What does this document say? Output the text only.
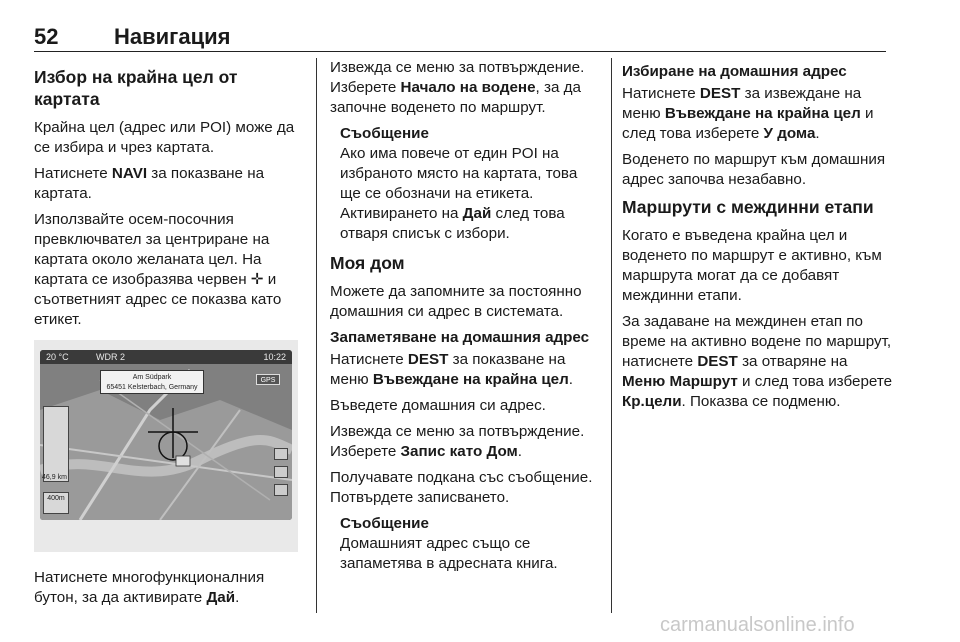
52	Навигация
Избор на крайна цел от картата

Крайна цел (адрес или POI) може да се избира и чрез картата.

Натиснете NAVI за показване на картата.

Използвайте осем-посочния превключвател за центриране на картата около желаната цел. На картата се изобразява червен ✛ и съответният адрес се показва като етикет.

20 °C	WDR 2	10:22
Am Südpark
65451 Kelsterbach, Germany
GPS
46,9 km
400m

Натиснете многофункционалния бутон, за да активирате Дай.

Извежда се меню за потвърждение. Изберете Начало на водене, за да започне воденето по маршрут.

Съобщение

Ако има повече от един POI на избраното място на картата, това ще се обозначи на етикета. Активирането на Дай след това отваря списък с избори.

Моя дом

Можете да запомните за постоянно домашния си адрес в системата.

Запаметяване на домашния адрес

Натиснете DEST за показване на меню Въвеждане на крайна цел.

Въведете домашния си адрес.

Извежда се меню за потвърждение. Изберете Запис като Дом.

Получавате подкана със съобщение. Потвърдете записването.

Съобщение

Домашният адрес също се запаметява в адресната книга.

Избиране на домашния адрес

Натиснете DEST за извеждане на меню Въвеждане на крайна цел и след това изберете У дома.

Воденето по маршрут към домашния адрес започва незабавно.

Маршрути с междинни етапи

Когато е въведена крайна цел и воденето по маршрут е активно, към маршрута могат да се добавят междинни етапи.

За задаване на междинен етап по време на активно водене по маршрут, натиснете DEST за отваряне на Меню Маршрут и след това изберете Кр.цели. Показва се подменю.

carmanualsonline.info
